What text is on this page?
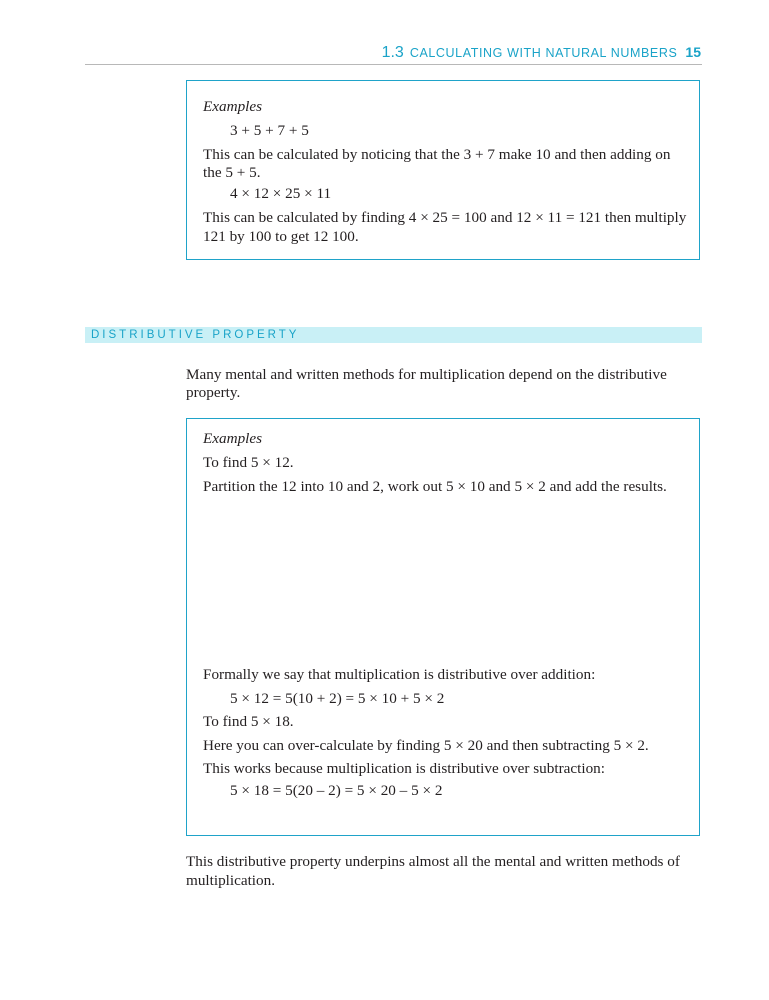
1.3 CALCULATING WITH NATURAL NUMBERS 15

Examples

3 + 5 + 7 + 5

This can be calculated by noticing that the 3 + 7 make 10 and then adding on

the 5 + 5.

4 × 12 × 25 × 11

This can be calculated by finding 4 × 25 = 100 and 12 × 11 = 121 then multiply

121 by 100 to get 12 100.

DISTRIBUTIVE PROPERTY

Many mental and written methods for multiplication depend on the distributive

property.

Examples

To find 5 × 12.

Partition the 12 into 10 and 2, work out 5 × 10 and 5 × 2 and add the results.

Formally we say that multiplication is distributive over addition:

5 × 12 = 5(10 + 2) = 5 × 10 + 5 × 2

To find 5 × 18.

Here you can over-calculate by finding 5 × 20 and then subtracting 5 × 2.

This works because multiplication is distributive over subtraction:

5 × 18 = 5(20 – 2) = 5 × 20 – 5 × 2

This distributive property underpins almost all the mental and written methods of

multiplication.
